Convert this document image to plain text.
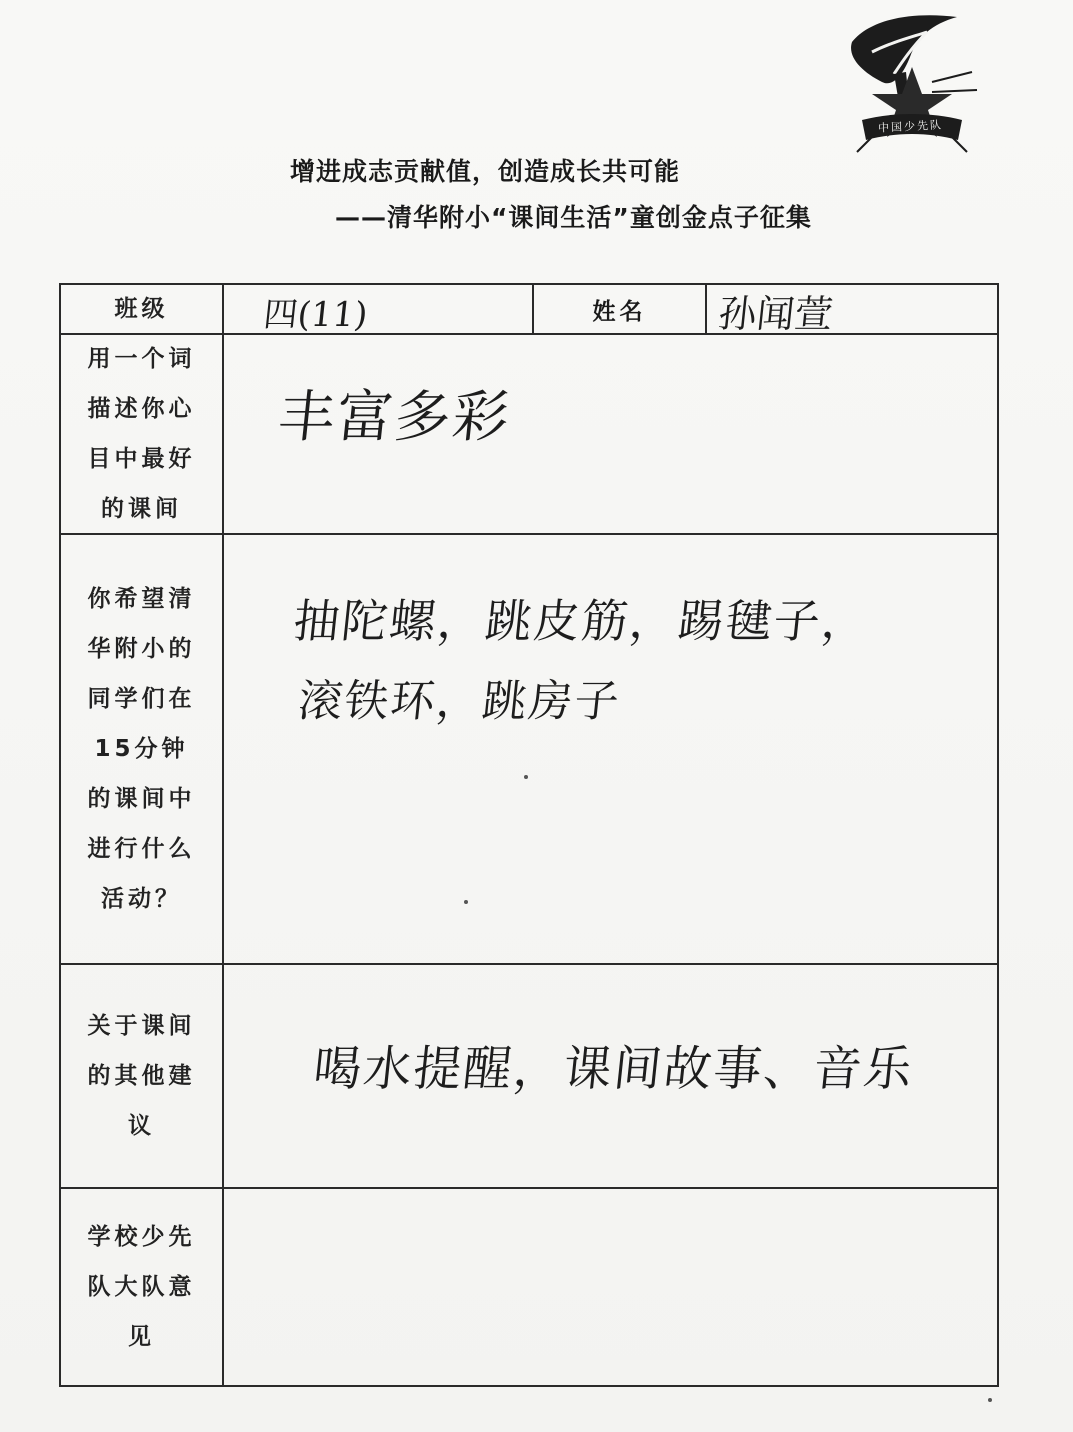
中国少先队
增进成志贡献值，创造成长共可能
——清华附小“课间生活”童创金点子征集
班级	四(11)	姓名 孙闻萱
用一个词描述你心目中最好的课间
丰富多彩
你希望清华附小的同学们在15分钟的课间中进行什么活动？
抽陀螺，跳皮筋，踢毽子，
滚铁环，跳房子
关于课间的其他建议
喝水提醒，课间故事、音乐
学校少先队大队意见
